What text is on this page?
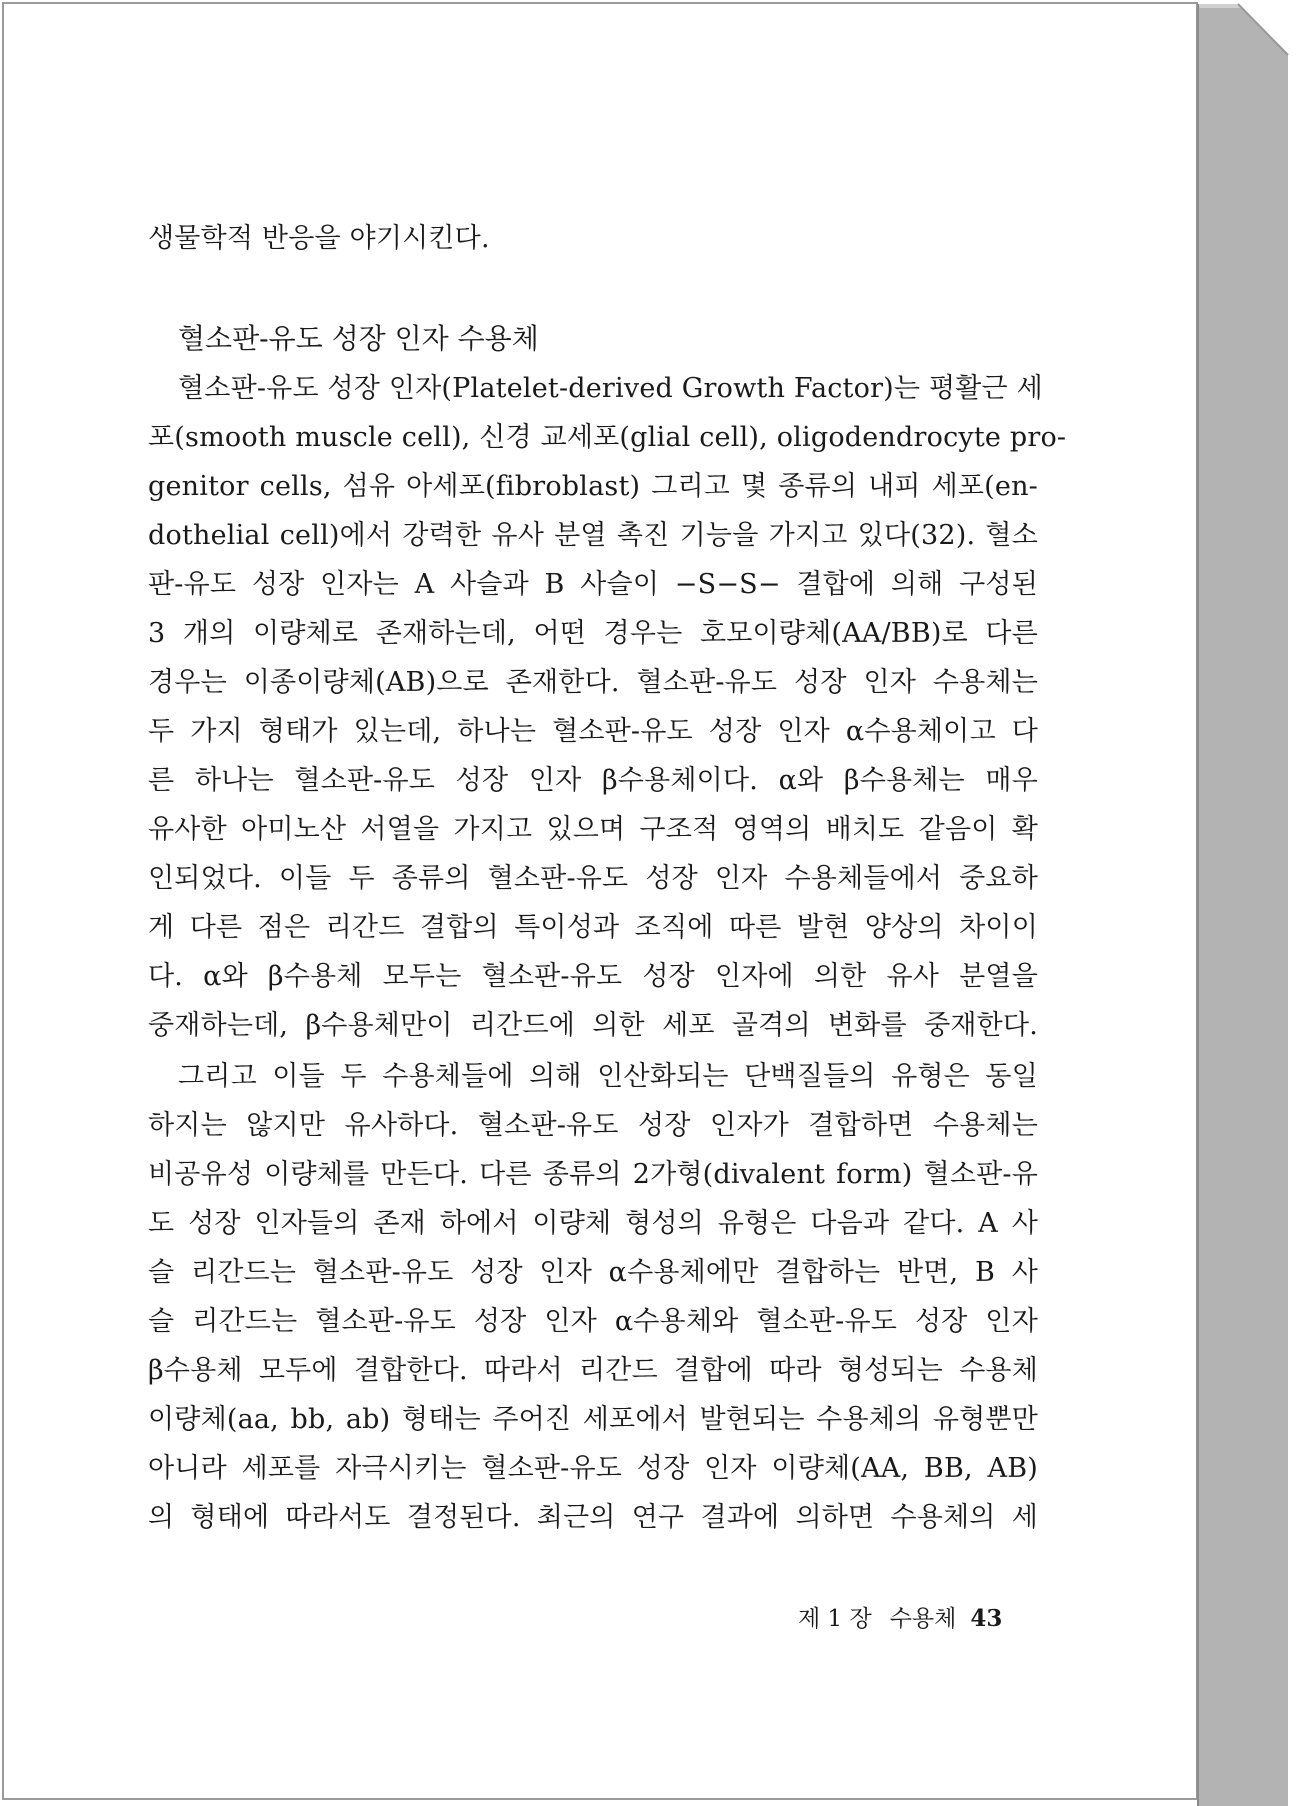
생물학적 반응을 야기시킨다.
혈소판-유도 성장 인자 수용체
혈소판-유도 성장 인자(Platelet-derived Growth Factor)는 평활근 세
포(smooth muscle cell), 신경 교세포(glial cell), oligodendrocyte pro-
genitor cells, 섬유 아세포(fibroblast) 그리고 몇 종류의 내피 세포(en-
dothelial cell)에서 강력한 유사 분열 촉진 기능을 가지고 있다(32). 혈소
판-유도 성장 인자는 A 사슬과 B 사슬이 −S−S− 결합에 의해 구성된
3 개의 이량체로 존재하는데, 어떤 경우는 호모이량체(AA/BB)로 다른
경우는 이종이량체(AB)으로 존재한다. 혈소판-유도 성장 인자 수용체는
두 가지 형태가 있는데, 하나는 혈소판-유도 성장 인자 α수용체이고 다
른 하나는 혈소판-유도 성장 인자 β수용체이다. α와 β수용체는 매우
유사한 아미노산 서열을 가지고 있으며 구조적 영역의 배치도 같음이 확
인되었다. 이들 두 종류의 혈소판-유도 성장 인자 수용체들에서 중요하
게 다른 점은 리간드 결합의 특이성과 조직에 따른 발현 양상의 차이이
다. α와 β수용체 모두는 혈소판-유도 성장 인자에 의한 유사 분열을
중재하는데, β수용체만이 리간드에 의한 세포 골격의 변화를 중재한다.
그리고 이들 두 수용체들에 의해 인산화되는 단백질들의 유형은 동일
하지는 않지만 유사하다. 혈소판-유도 성장 인자가 결합하면 수용체는
비공유성 이량체를 만든다. 다른 종류의 2가형(divalent form) 혈소판-유
도 성장 인자들의 존재 하에서 이량체 형성의 유형은 다음과 같다. A 사
슬 리간드는 혈소판-유도 성장 인자 α수용체에만 결합하는 반면, B 사
슬 리간드는 혈소판-유도 성장 인자 α수용체와 혈소판-유도 성장 인자
β수용체 모두에 결합한다. 따라서 리간드 결합에 따라 형성되는 수용체
이량체(aa, bb, ab) 형태는 주어진 세포에서 발현되는 수용체의 유형뿐만
아니라 세포를 자극시키는 혈소판-유도 성장 인자 이량체(AA, BB, AB)
의 형태에 따라서도 결정된다. 최근의 연구 결과에 의하면 수용체의 세
제 1 장 수용체 43
